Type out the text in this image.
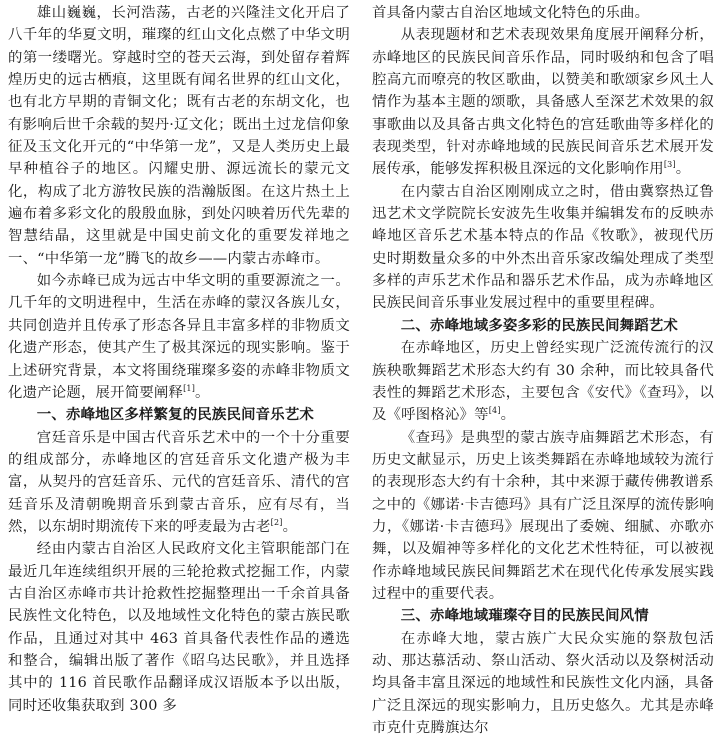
雄山巍巍，长河浩荡，古老的兴隆洼文化开启了八千年的华夏文明，璀璨的红山文化点燃了中华文明的第一缕曙光。穿越时空的苍天云海，到处留存着辉煌历史的远古栖痕，这里既有闻名世界的红山文化，也有北方早期的青铜文化；既有古老的东胡文化，也有影响后世千余载的契丹·辽文化；既出土过龙信仰象征及玉文化开元的“中华第一龙”，又是人类历史上最早种植谷子的地区。闪耀史册、源远流长的蒙元文化，构成了北方游牧民族的浩瀚版图。在这片热土上遍布着多彩文化的殷殷血脉，到处闪映着历代先辈的智慧结晶，这里就是中国史前文化的重要发祥地之一、“中华第一龙”腾飞的故乡——内蒙古赤峰市。

如今赤峰已成为远古中华文明的重要源流之一。几千年的文明进程中，生活在赤峰的蒙汉各族儿女，共同创造并且传承了形态各异且丰富多样的非物质文化遗产形态，使其产生了极其深远的现实影响。鉴于上述研究背景，本文将围绕璀璨多姿的赤峰非物质文化遗产论题，展开简要阐释[1]。

一、赤峰地区多样繁复的民族民间音乐艺术

宫廷音乐是中国古代音乐艺术中的一个十分重要的组成部分，赤峰地区的宫廷音乐文化遗产极为丰富，从契丹的宫廷音乐、元代的宫廷音乐、清代的宫廷音乐及清朝晚期音乐到蒙古音乐，应有尽有，当然，以东胡时期流传下来的呼麦最为古老[2]。

经由内蒙古自治区人民政府文化主管职能部门在最近几年连续组织开展的三轮抢救式挖掘工作，内蒙古自治区赤峰市共计抢救性挖掘整理出一千余首具备民族性文化特色，以及地域性文化特色的蒙古族民歌作品，且通过对其中 463 首具备代表性作品的遴选和整合，编辑出版了著作《昭乌达民歌》，并且选择其中的 116 首民歌作品翻译成汉语版本予以出版，同时还收集获取到 300 多

首具备内蒙古自治区地域文化特色的乐曲。

从表现题材和艺术表现效果角度展开阐释分析，赤峰地区的民族民间音乐作品，同时吸纳和包含了唱腔高亢而嘹亮的牧区歌曲，以赞美和歌颂家乡风土人情作为基本主题的颂歌，具备感人至深艺术效果的叙事歌曲以及具备古典文化特色的宫廷歌曲等多样化的表现类型，针对赤峰地域的民族民间音乐艺术展开发展传承，能够发挥积极且深远的文化影响作用[3]。

在内蒙古自治区刚刚成立之时，借由冀察热辽鲁迅艺术文学院院长安波先生收集并编辑发布的反映赤峰地区音乐艺术基本特点的作品《牧歌》，被现代历史时期数量众多的中外杰出音乐家改编处理成了类型多样的声乐艺术作品和器乐艺术作品，成为赤峰地区民族民间音乐事业发展过程中的重要里程碑。

二、赤峰地域多姿多彩的民族民间舞蹈艺术

在赤峰地区，历史上曾经实现广泛流传流行的汉族秧歌舞蹈艺术形态大约有 30 余种，而比较具备代表性的舞蹈艺术形态，主要包含《安代》《查玛》，以及《呼图格沁》等[4]。

《查玛》是典型的蒙古族寺庙舞蹈艺术形态，有历史文献显示，历史上该类舞蹈在赤峰地域较为流行的表现形态大约有十余种，其中来源于藏传佛教谱系之中的《娜诺·卡吉德玛》具有广泛且深厚的流传影响力，《娜诺·卡吉德玛》展现出了委婉、细腻、亦歌亦舞，以及媚神等多样化的文化艺术性特征，可以被视作赤峰地域民族民间舞蹈艺术在现代化传承发展实践过程中的重要代表。

三、赤峰地域璀璨夺目的民族民间风情

在赤峰大地，蒙古族广大民众实施的祭敖包活动、那达慕活动、祭山活动、祭火活动以及祭树活动均具备丰富且深远的地域性和民族性文化内涵，具备广泛且深远的现实影响力，且历史悠久。尤其是赤峰市克什克腾旗达尔
